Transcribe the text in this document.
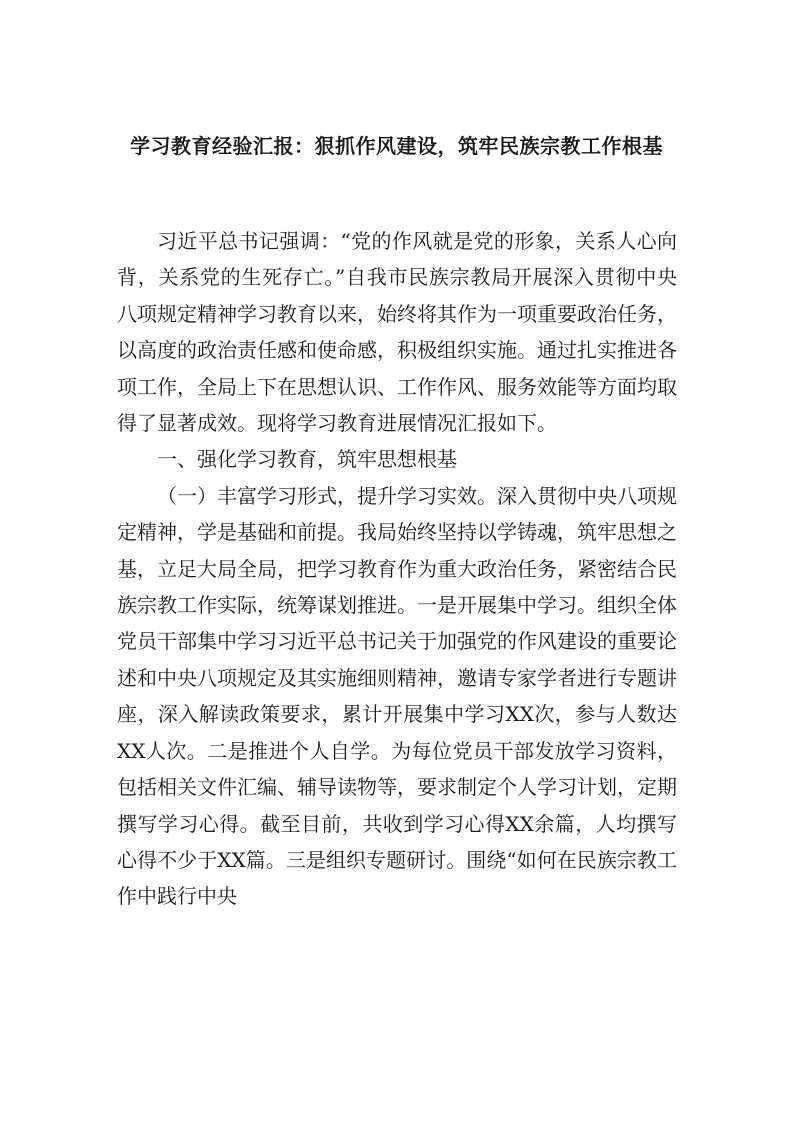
学习教育经验汇报：狠抓作风建设，筑牢民族宗教工作根基

习近平总书记强调：“党的作风就是党的形象，关系人心向背，关系党的生死存亡。”自我市民族宗教局开展深入贯彻中央八项规定精神学习教育以来，始终将其作为一项重要政治任务，以高度的政治责任感和使命感，积极组织实施。通过扎实推进各项工作，全局上下在思想认识、工作作风、服务效能等方面均取得了显著成效。现将学习教育进展情况汇报如下。

一、强化学习教育，筑牢思想根基

（一）丰富学习形式，提升学习实效。深入贯彻中央八项规定精神，学是基础和前提。我局始终坚持以学铸魂，筑牢思想之基，立足大局全局，把学习教育作为重大政治任务，紧密结合民族宗教工作实际，统筹谋划推进。一是开展集中学习。组织全体党员干部集中学习习近平总书记关于加强党的作风建设的重要论述和中央八项规定及其实施细则精神，邀请专家学者进行专题讲座，深入解读政策要求，累计开展集中学习XX次，参与人数达XX人次。二是推进个人自学。为每位党员干部发放学习资料，包括相关文件汇编、辅导读物等，要求制定个人学习计划，定期撰写学习心得。截至目前，共收到学习心得XX余篇，人均撰写心得不少于XX篇。三是组织专题研讨。围绕“如何在民族宗教工作中践行中央
